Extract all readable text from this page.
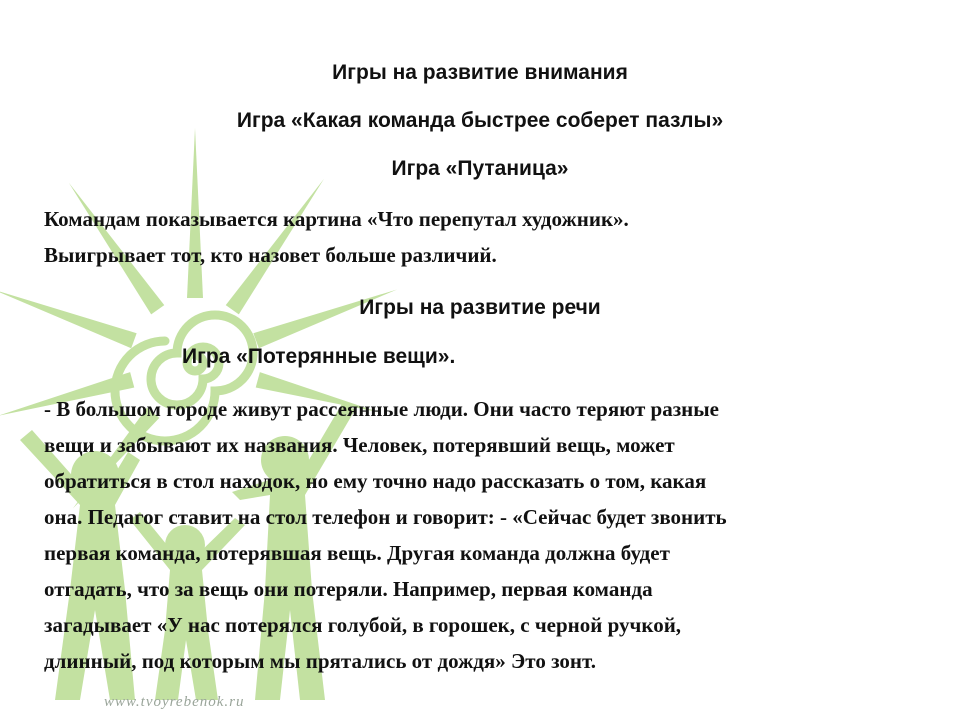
Игры на развитие внимания
Игра «Какая команда быстрее соберет пазлы»
Игра «Путаница»

Командам показывается картина «Что перепутал художник».
Выигрывает тот, кто назовет больше различий.

Игры на развитие речи
Игра «Потерянные вещи».

- В большом городе живут рассеянные люди. Они часто теряют разные
вещи и забывают их названия. Человек, потерявший вещь, может
обратиться в стол находок, но ему точно надо рассказать о том, какая
она. Педагог ставит на стол телефон и говорит: - «Сейчас будет звонить
первая команда, потерявшая вещь. Другая команда должна будет
отгадать, что за вещь они потеряли. Например, первая команда
загадывает «У нас потерялся голубой, в горошек, с черной ручкой,
длинный, под которым мы прятались от дождя» Это зонт.

www.tvoyrebenok.ru
